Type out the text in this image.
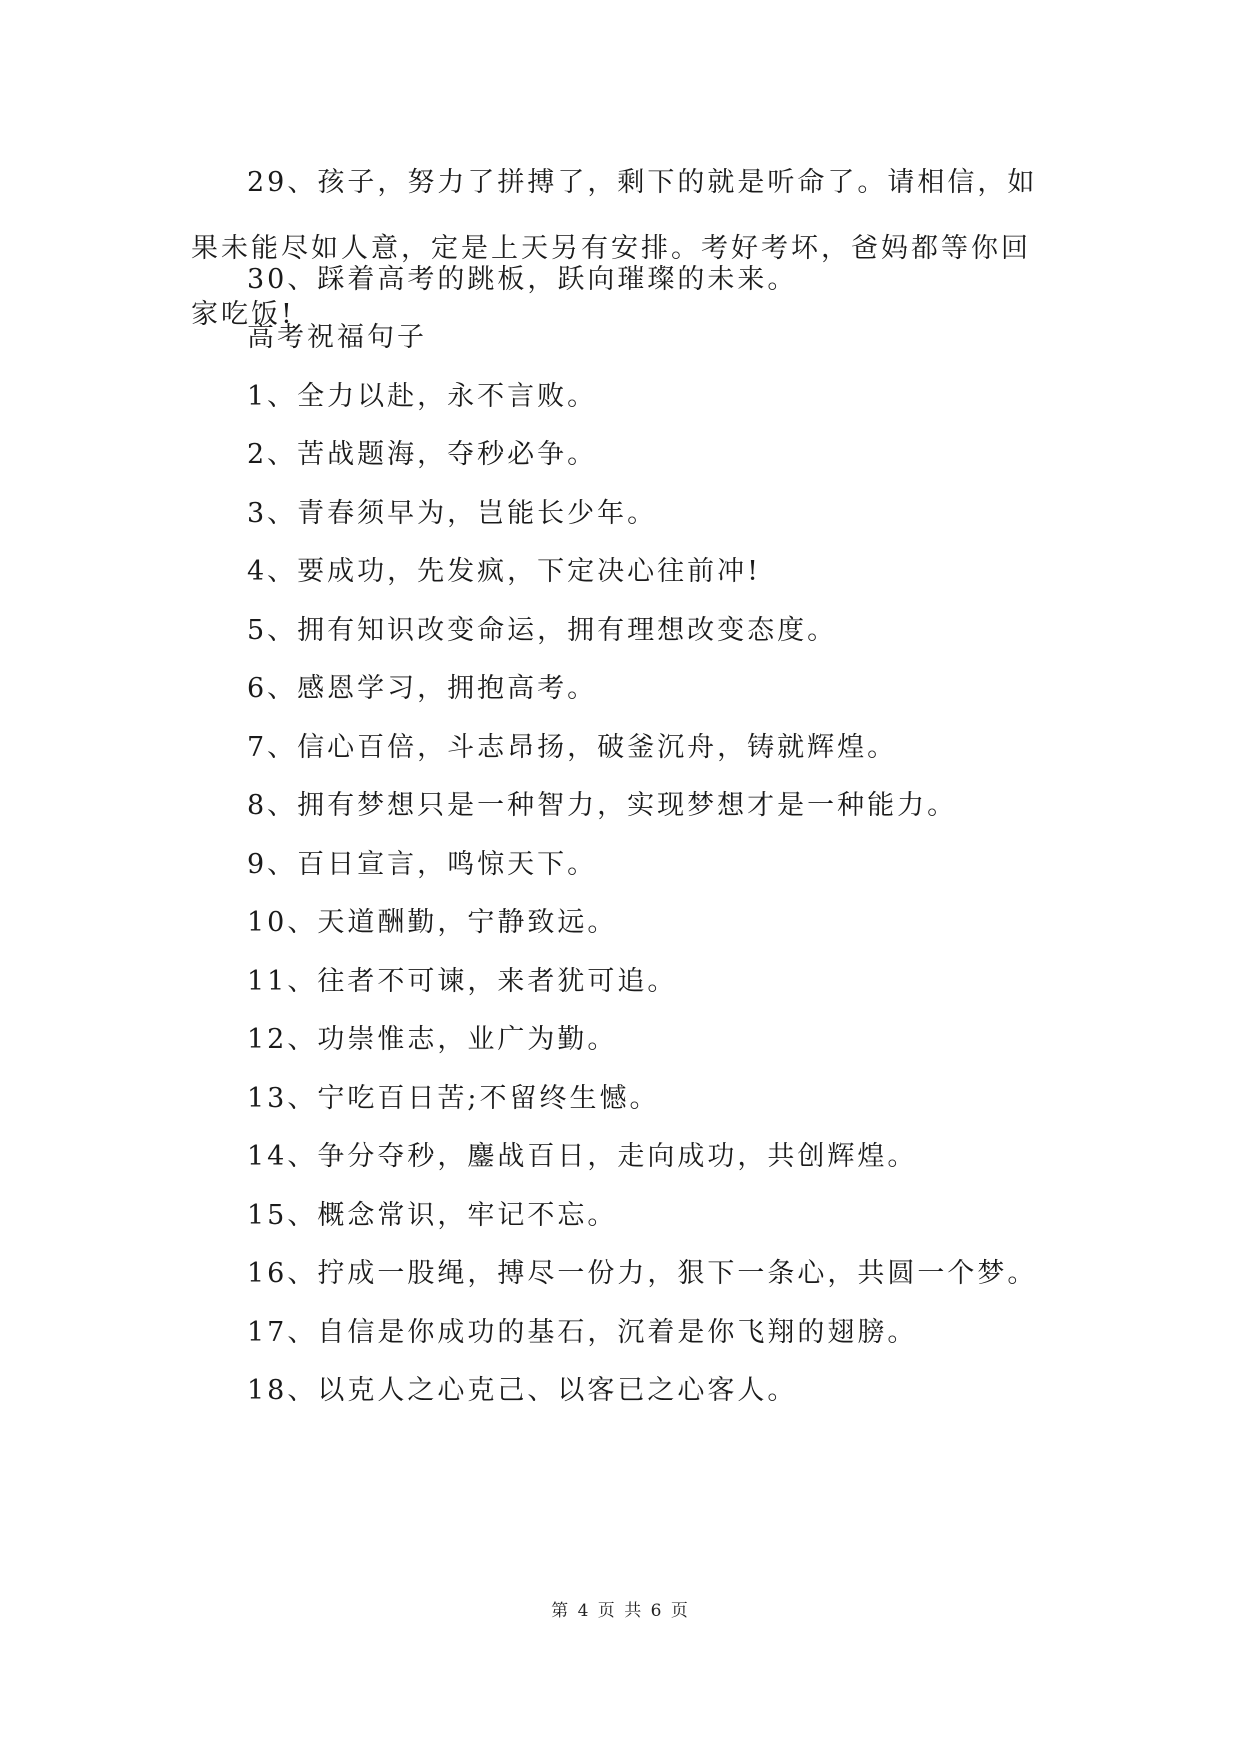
29、孩子，努力了拼搏了，剩下的就是听命了。请相信，如果未能尽如人意，定是上天另有安排。考好考坏，爸妈都等你回家吃饭!

30、踩着高考的跳板，跃向璀璨的未来。

高考祝福句子

1、全力以赴，永不言败。

2、苦战题海，夺秒必争。

3、青春须早为，岂能长少年。

4、要成功，先发疯，下定决心往前冲!

5、拥有知识改变命运，拥有理想改变态度。

6、感恩学习，拥抱高考。

7、信心百倍，斗志昂扬，破釜沉舟，铸就辉煌。

8、拥有梦想只是一种智力，实现梦想才是一种能力。

9、百日宣言，鸣惊天下。

10、天道酬勤，宁静致远。

11、往者不可谏，来者犹可追。

12、功崇惟志，业广为勤。

13、宁吃百日苦;不留终生憾。

14、争分夺秒，鏖战百日，走向成功，共创辉煌。

15、概念常识，牢记不忘。

16、拧成一股绳，搏尽一份力，狠下一条心，共圆一个梦。

17、自信是你成功的基石，沉着是你飞翔的翅膀。

18、以克人之心克己、以客已之心客人。

第 4 页 共 6 页
